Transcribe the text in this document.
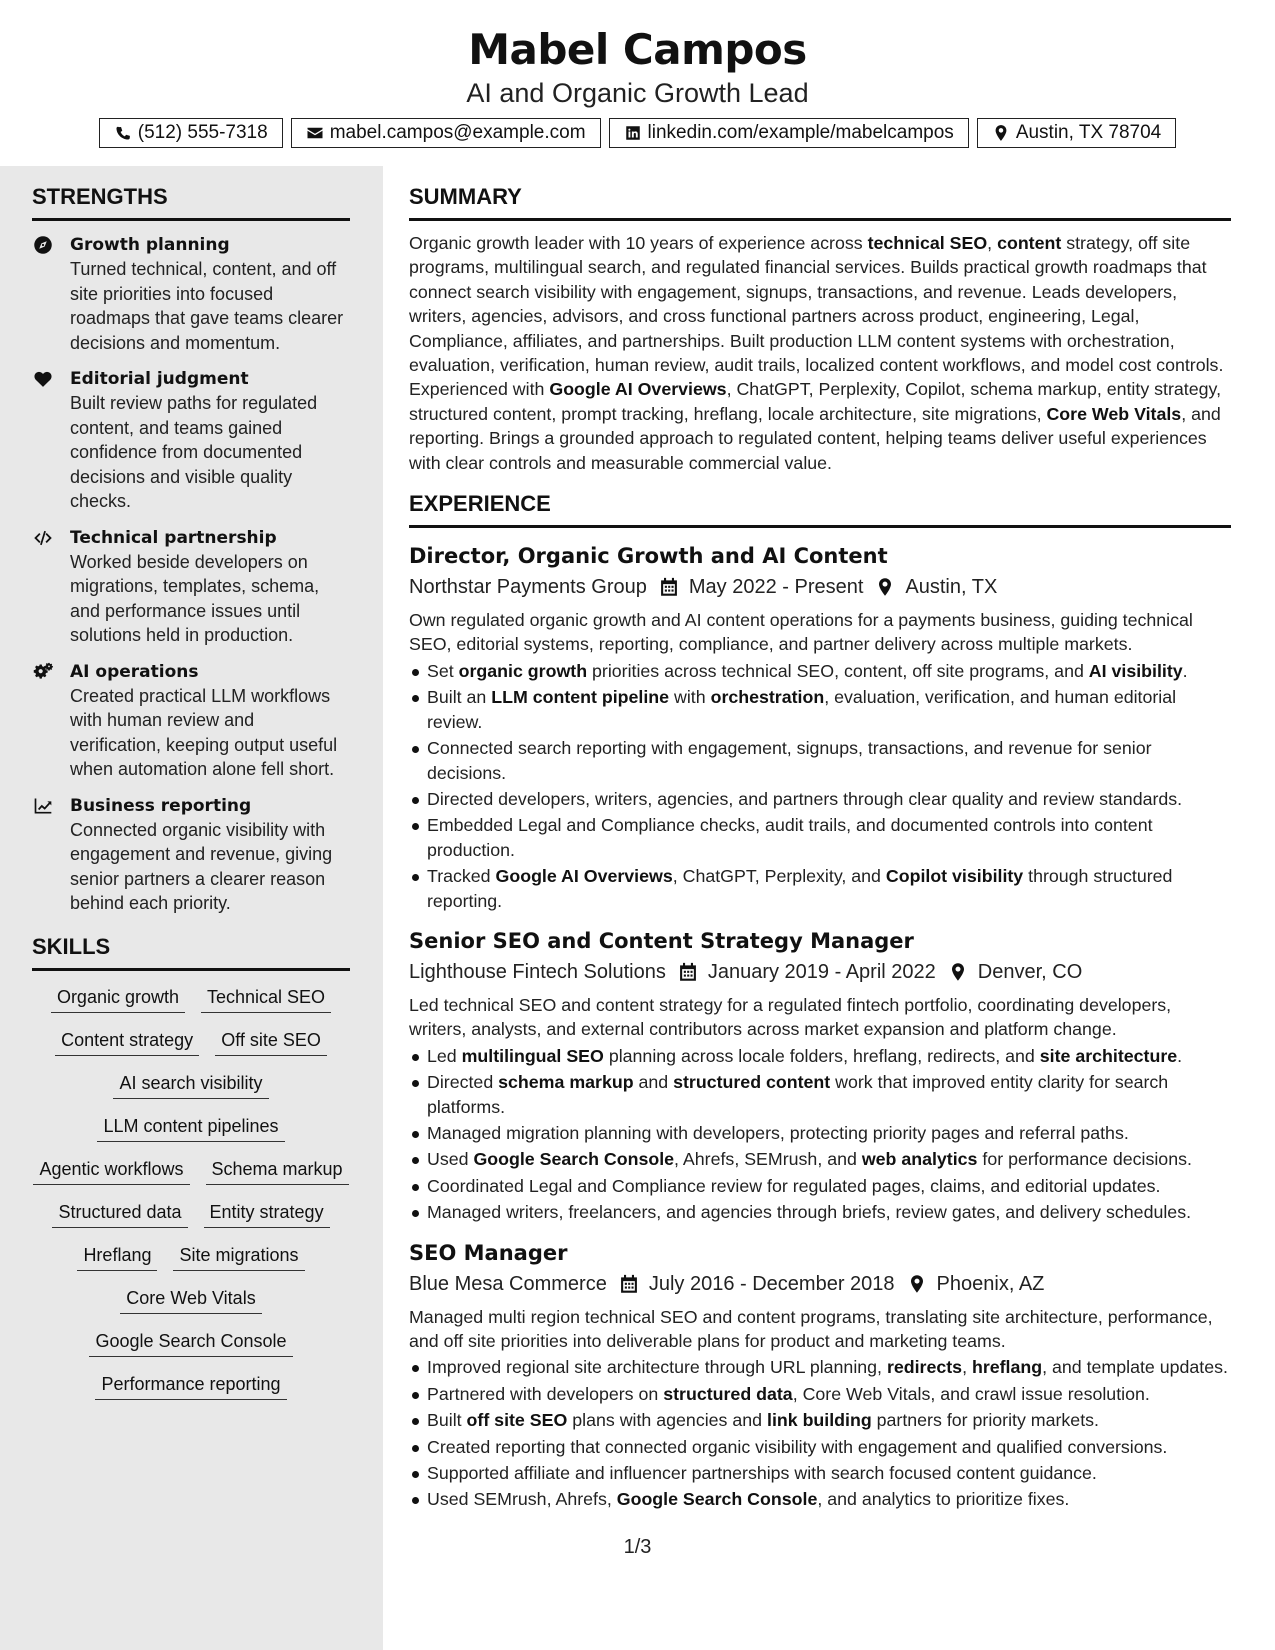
Mabel Campos
AI and Organic Growth Lead
(512) 555-7318	mabel.campos@example.com	linkedin.com/example/mabelcampos	Austin, TX 78704
STRENGTHS
Growth planning
Turned technical, content, and off site priorities into focused roadmaps that gave teams clearer decisions and momentum.
Editorial judgment
Built review paths for regulated content, and teams gained confidence from documented decisions and visible quality checks.
Technical partnership
Worked beside developers on migrations, templates, schema, and performance issues until solutions held in production.
AI operations
Created practical LLM workflows with human review and verification, keeping output useful when automation alone fell short.
Business reporting
Connected organic visibility with engagement and revenue, giving senior partners a clearer reason behind each priority.
SKILLS
Organic growth	Technical SEO
Content strategy	Off site SEO
AI search visibility
LLM content pipelines
Agentic workflows	Schema markup
Structured data	Entity strategy
Hreflang	Site migrations
Core Web Vitals
Google Search Console
Performance reporting
SUMMARY

Organic growth leader with 10 years of experience across technical SEO, content strategy, off site programs, multilingual search, and regulated financial services. Builds practical growth roadmaps that connect search visibility with engagement, signups, transactions, and revenue. Leads developers, writers, agencies, advisors, and cross functional partners across product, engineering, Legal, Compliance, affiliates, and partnerships. Built production LLM content systems with orchestration, evaluation, verification, human review, audit trails, localized content workflows, and model cost controls. Experienced with Google AI Overviews, ChatGPT, Perplexity, Copilot, schema markup, entity strategy, structured content, prompt tracking, hreflang, locale architecture, site migrations, Core Web Vitals, and reporting. Brings a grounded approach to regulated content, helping teams deliver useful experiences with clear controls and measurable commercial value.

EXPERIENCE
Director, Organic Growth and AI Content
Northstar Payments Group May 2022 - Present Austin, TX
Own regulated organic growth and AI content operations for a payments business, guiding technical SEO, editorial systems, reporting, compliance, and partner delivery across multiple markets.
Set organic growth priorities across technical SEO, content, off site programs, and AI visibility.
Built an LLM content pipeline with orchestration, evaluation, verification, and human editorial review.
Connected search reporting with engagement, signups, transactions, and revenue for senior decisions.
Directed developers, writers, agencies, and partners through clear quality and review standards.
Embedded Legal and Compliance checks, audit trails, and documented controls into content production.
Tracked Google AI Overviews, ChatGPT, Perplexity, and Copilot visibility through structured reporting.
Senior SEO and Content Strategy Manager
Lighthouse Fintech Solutions January 2019 - April 2022 Denver, CO
Led technical SEO and content strategy for a regulated fintech portfolio, coordinating developers, writers, analysts, and external contributors across market expansion and platform change.
Led multilingual SEO planning across locale folders, hreflang, redirects, and site architecture.
Directed schema markup and structured content work that improved entity clarity for search platforms.
Managed migration planning with developers, protecting priority pages and referral paths.
Used Google Search Console, Ahrefs, SEMrush, and web analytics for performance decisions.
Coordinated Legal and Compliance review for regulated pages, claims, and editorial updates.
Managed writers, freelancers, and agencies through briefs, review gates, and delivery schedules.
SEO Manager
Blue Mesa Commerce July 2016 - December 2018 Phoenix, AZ
Managed multi region technical SEO and content programs, translating site architecture, performance, and off site priorities into deliverable plans for product and marketing teams.
Improved regional site architecture through URL planning, redirects, hreflang, and template updates.
Partnered with developers on structured data, Core Web Vitals, and crawl issue resolution.
Built off site SEO plans with agencies and link building partners for priority markets.
Created reporting that connected organic visibility with engagement and qualified conversions.
Supported affiliate and influencer partnerships with search focused content guidance.
Used SEMrush, Ahrefs, Google Search Console, and analytics to prioritize fixes.
1/3
